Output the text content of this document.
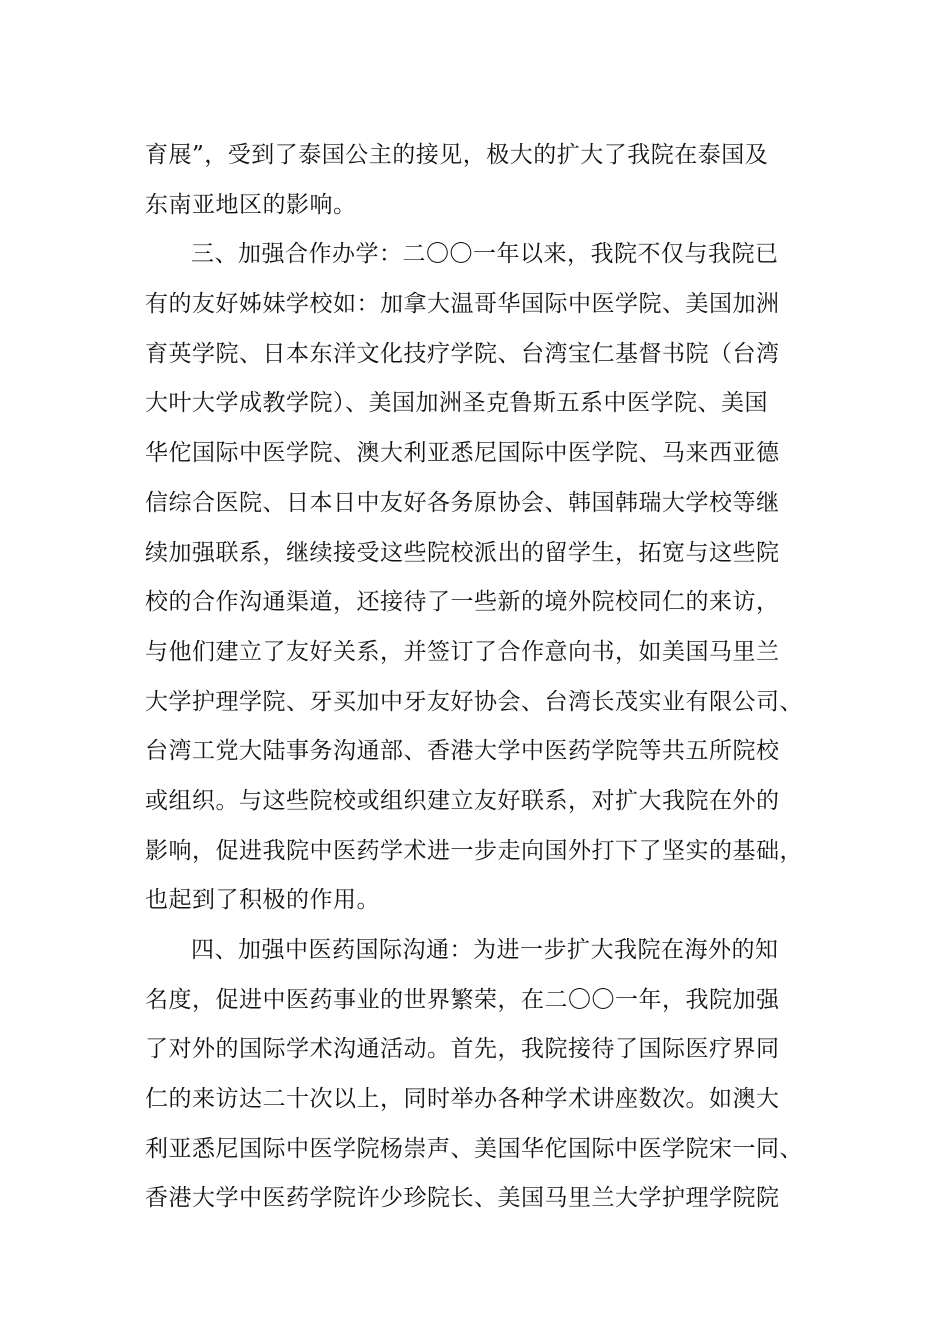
育展”，受到了泰国公主的接见，极大的扩大了我院在泰国及
东南亚地区的影响。
三、加强合作办学：二〇〇一年以来，我院不仅与我院已
有的友好姊妹学校如：加拿大温哥华国际中医学院、美国加洲
育英学院、日本东洋文化技疗学院、台湾宝仁基督书院（台湾
大叶大学成教学院）、美国加洲圣克鲁斯五系中医学院、美国
华佗国际中医学院、澳大利亚悉尼国际中医学院、马来西亚德
信综合医院、日本日中友好各务原协会、韩国韩瑞大学校等继
续加强联系，继续接受这些院校派出的留学生，拓宽与这些院
校的合作沟通渠道，还接待了一些新的境外院校同仁的来访，
与他们建立了友好关系，并签订了合作意向书，如美国马里兰
大学护理学院、牙买加中牙友好协会、台湾长茂实业有限公司、
台湾工党大陆事务沟通部、香港大学中医药学院等共五所院校
或组织。与这些院校或组织建立友好联系，对扩大我院在外的
影响，促进我院中医药学术进一步走向国外打下了坚实的基础，
也起到了积极的作用。
四、加强中医药国际沟通：为进一步扩大我院在海外的知
名度，促进中医药事业的世界繁荣，在二〇〇一年，我院加强
了对外的国际学术沟通活动。首先，我院接待了国际医疗界同
仁的来访达二十次以上，同时举办各种学术讲座数次。如澳大
利亚悉尼国际中医学院杨崇声、美国华佗国际中医学院宋一同、
香港大学中医药学院许少珍院长、美国马里兰大学护理学院院
